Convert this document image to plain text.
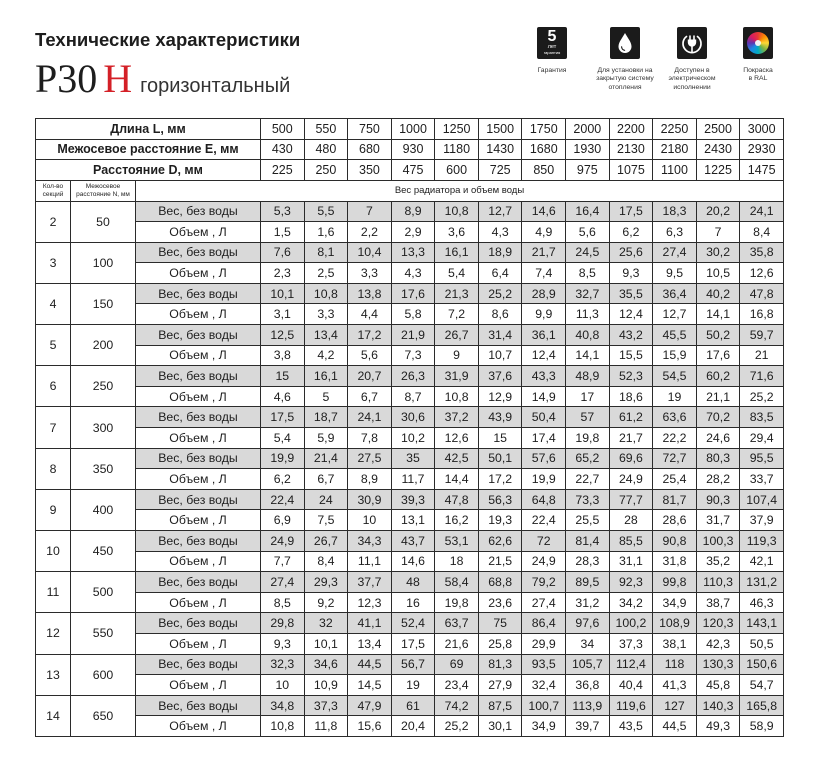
Технические характеристики
P30 H горизонтальный
5
лет
гарантия
Гарантия	Для установки на
закрытую систему
отопления
Доступен в
электрическом
исполнении
Покраска
в RAL
Длина L, мм			500	550	750	1000	1250	1500	1750	2000	2200	2250	2500	3000
Межосевое расстояние E, мм			430	480	680	930	1180	1430	1680	1930	2130	2180	2430	2930
Расстояние D, мм			225	250	350	475	600	725	850	975	1075	1100	1225	1475

Кол-во
секций	Межосевое
расстояние N, мм	Вес радиатора и объем воды												
2	50	Вес, без воды	5,3	5,5	7	8,9	10,8	12,7	14,6	16,4	17,5	18,3	20,2	24,1
		Объем , Л	1,5	1,6	2,2	2,9	3,6	4,3	4,9	5,6	6,2	6,3	7	8,4
3	100	Вес, без воды	7,6	8,1	10,4	13,3	16,1	18,9	21,7	24,5	25,6	27,4	30,2	35,8
		Объем , Л	2,3	2,5	3,3	4,3	5,4	6,4	7,4	8,5	9,3	9,5	10,5	12,6
4	150	Вес, без воды	10,1	10,8	13,8	17,6	21,3	25,2	28,9	32,7	35,5	36,4	40,2	47,8
		Объем , Л	3,1	3,3	4,4	5,8	7,2	8,6	9,9	11,3	12,4	12,7	14,1	16,8
5	200	Вес, без воды	12,5	13,4	17,2	21,9	26,7	31,4	36,1	40,8	43,2	45,5	50,2	59,7
		Объем , Л	3,8	4,2	5,6	7,3	9	10,7	12,4	14,1	15,5	15,9	17,6	21
6	250	Вес, без воды	15	16,1	20,7	26,3	31,9	37,6	43,3	48,9	52,3	54,5	60,2	71,6
		Объем , Л	4,6	5	6,7	8,7	10,8	12,9	14,9	17	18,6	19	21,1	25,2
7	300	Вес, без воды	17,5	18,7	24,1	30,6	37,2	43,9	50,4	57	61,2	63,6	70,2	83,5
		Объем , Л	5,4	5,9	7,8	10,2	12,6	15	17,4	19,8	21,7	22,2	24,6	29,4
8	350	Вес, без воды	19,9	21,4	27,5	35	42,5	50,1	57,6	65,2	69,6	72,7	80,3	95,5
		Объем , Л	6,2	6,7	8,9	11,7	14,4	17,2	19,9	22,7	24,9	25,4	28,2	33,7
9	400	Вес, без воды	22,4	24	30,9	39,3	47,8	56,3	64,8	73,3	77,7	81,7	90,3	107,4
		Объем , Л	6,9	7,5	10	13,1	16,2	19,3	22,4	25,5	28	28,6	31,7	37,9
10	450	Вес, без воды	24,9	26,7	34,3	43,7	53,1	62,6	72	81,4	85,5	90,8	100,3	119,3
		Объем , Л	7,7	8,4	11,1	14,6	18	21,5	24,9	28,3	31,1	31,8	35,2	42,1
11	500	Вес, без воды	27,4	29,3	37,7	48	58,4	68,8	79,2	89,5	92,3	99,8	110,3	131,2
		Объем , Л	8,5	9,2	12,3	16	19,8	23,6	27,4	31,2	34,2	34,9	38,7	46,3
12	550	Вес, без воды	29,8	32	41,1	52,4	63,7	75	86,4	97,6	100,2	108,9	120,3	143,1
		Объем , Л	9,3	10,1	13,4	17,5	21,6	25,8	29,9	34	37,3	38,1	42,3	50,5
13	600	Вес, без воды	32,3	34,6	44,5	56,7	69	81,3	93,5	105,7	112,4	118	130,3	150,6
		Объем , Л	10	10,9	14,5	19	23,4	27,9	32,4	36,8	40,4	41,3	45,8	54,7
14	650	Вес, без воды	34,8	37,3	47,9	61	74,2	87,5	100,7	113,9	119,6	127	140,3	165,8
		Объем , Л	10,8	11,8	15,6	20,4	25,2	30,1	34,9	39,7	43,5	44,5	49,3	58,9
